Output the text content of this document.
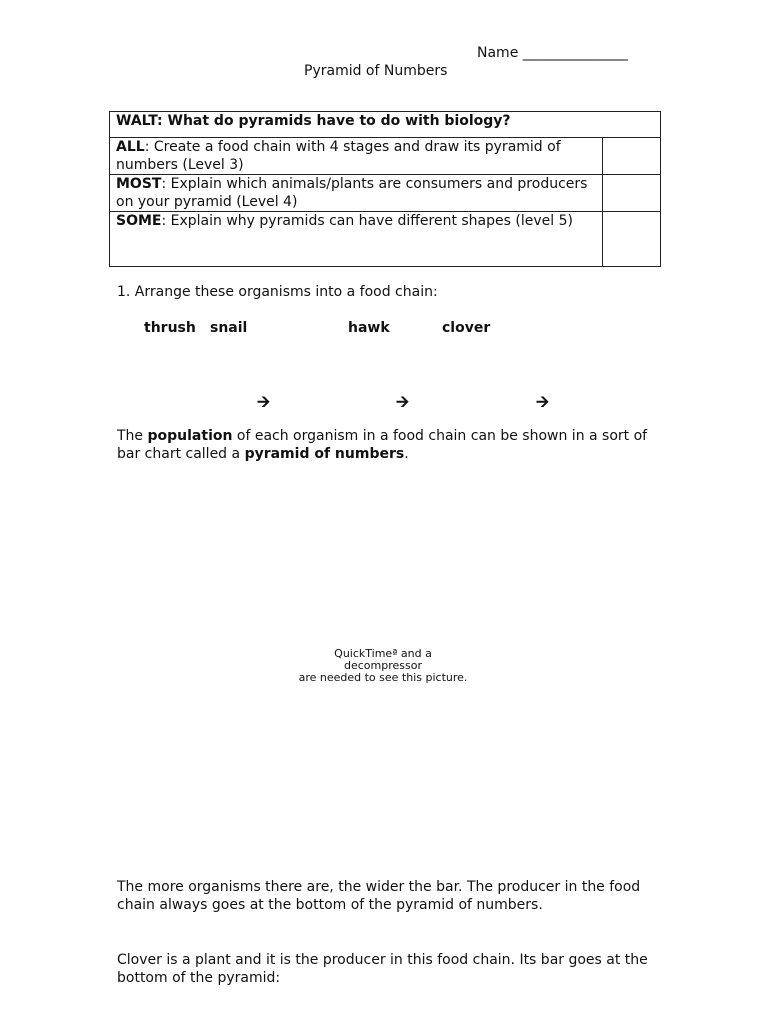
Name _______________
Pyramid of Numbers
WALT: What do pyramids have to do with biology?	
ALL: Create a food chain with 4 stages and draw its pyramid of numbers (Level 3)	
MOST: Explain which animals/plants are consumers and producers on your pyramid (Level 4)	
SOME: Explain why pyramids can have different shapes (level 5)	
1. Arrange these organisms into a food chain:
thrush snail	hawk	clover
🡪	🡪	🡪
The population of each organism in a food chain can be shown in a sort of bar chart called a pyramid of numbers.
QuickTimeª and a
decompressor
are needed to see this picture.
The more organisms there are, the wider the bar. The producer in the food chain always goes at the bottom of the pyramid of numbers.
Clover is a plant and it is the producer in this food chain. Its bar goes at the bottom of the pyramid:
